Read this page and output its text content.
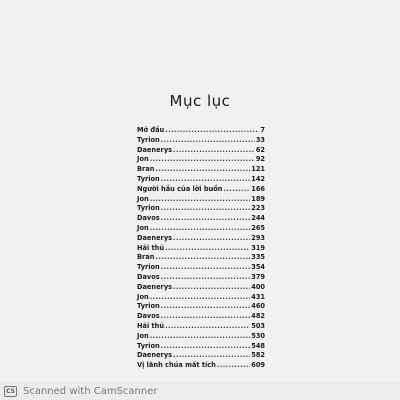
Mục lục
Mở đầu .....	7
Tyrion .....	33
Daenerys .....	62
Jon .....	92
Bran .....	121
Tyrion .....	142
Người hầu của lời buồn .....	166
Jon .....	189
Tyrion .....	223
Davos .....	244
Jon .....	265
Daenerys .....	293
Hải thủ .....	319
Bran .....	335
Tyrion .....	354
Davos .....	379
Daenerys .....	400
Jon .....	431
Tyrion .....	460
Davos .....	482
Hải thủ .....	503
Jon .....	530
Tyrion .....	548
Daenerys .....	582
Vị lãnh chúa mất tích .....	609
CS Scanned with CamScanner
